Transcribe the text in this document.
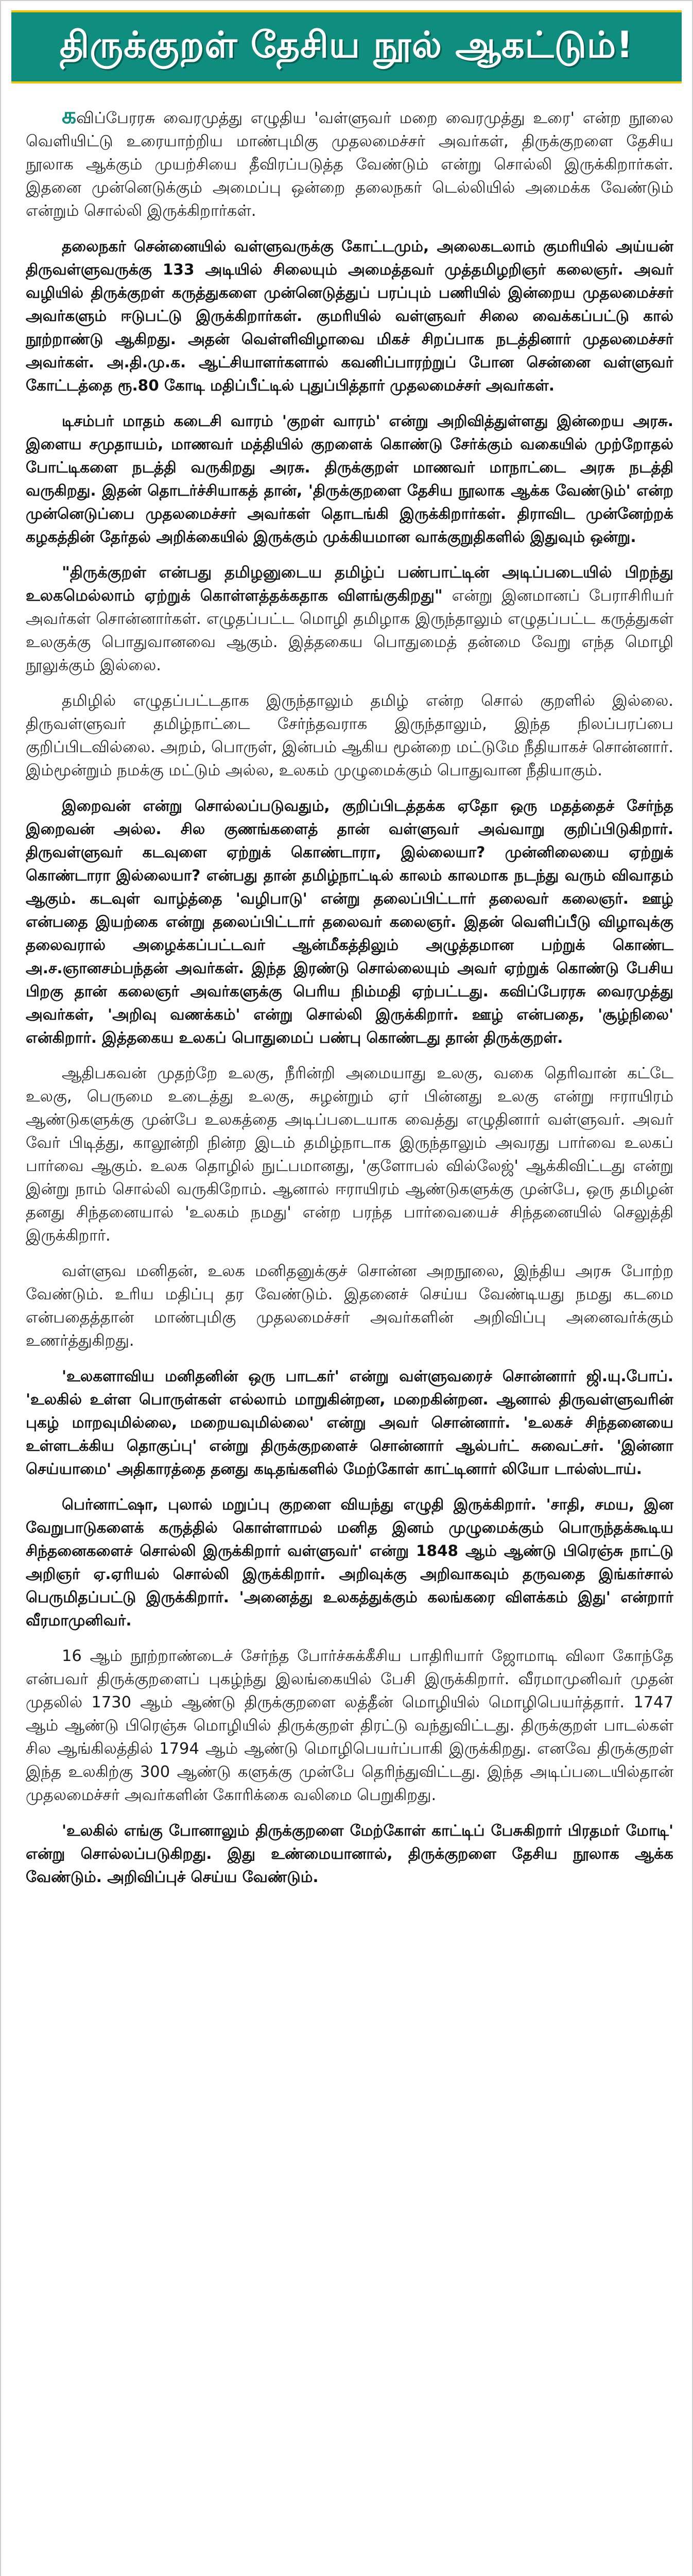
திருக்குறள் தேசிய நூல் ஆகட்டும்!

கவிப்பேரரசு வைரமுத்து எழுதிய 'வள்ளுவர் மறை வைரமுத்து உரை' என்ற நூலை வெளியிட்டு உரையாற்றிய மாண்புமிகு முதலமைச்சர் அவர்கள், திருக்குறளை தேசிய நூலாக ஆக்கும் முயற்சியை தீவிரப்படுத்த வேண்டும் என்று சொல்லி இருக்கிறார்கள். இதனை முன்னெடுக்கும் அமைப்பு ஒன்றை தலைநகர் டெல்லியில் அமைக்க வேண்டும் என்றும் சொல்லி இருக்கிறார்கள்.

தலைநகர் சென்னையில் வள்ளுவருக்கு கோட்டமும், அலைகடலாம் குமரியில் அய்யன் திருவள்ளுவருக்கு 133 அடியில் சிலையும் அமைத்தவர் முத்தமிழறிஞர் கலைஞர். அவர் வழியில் திருக்குறள் கருத்துகளை முன்னெடுத்துப் பரப்பும் பணியில் இன்றைய முதலமைச்சர் அவர்களும் ஈடுபட்டு இருக்கிறார்கள். குமரியில் வள்ளுவர் சிலை வைக்கப்பட்டு கால் நூற்றாண்டு ஆகிறது. அதன் வெள்ளிவிழாவை மிகச் சிறப்பாக நடத்தினார் முதலமைச்சர் அவர்கள். அ.தி.மு.க. ஆட்சியாளர்களால் கவனிப்பாரற்றுப் போன சென்னை வள்ளுவர் கோட்டத்தை ரூ.80 கோடி மதிப்பீட்டில் புதுப்பித்தார் முதலமைச்சர் அவர்கள்.

டிசம்பர் மாதம் கடைசி வாரம் 'குறள் வாரம்' என்று அறிவித்துள்ளது இன்றைய அரசு. இளைய சமுதாயம், மாணவர் மத்தியில் குறளைக் கொண்டு சேர்க்கும் வகையில் முற்றோதல் போட்டிகளை நடத்தி வருகிறது அரசு. திருக்குறள் மாணவர் மாநாட்டை அரசு நடத்தி வருகிறது. இதன் தொடர்ச்சியாகத் தான், 'திருக்குறளை தேசிய நூலாக ஆக்க வேண்டும்' என்ற முன்னெடுப்பை முதலமைச்சர் அவர்கள் தொடங்கி இருக்கிறார்கள். திராவிட முன்னேற்றக் கழகத்தின் தேர்தல் அறிக்கையில் இருக்கும் முக்கியமான வாக்குறுதிகளில் இதுவும் ஒன்று.

"திருக்குறள் என்பது தமிழனுடைய தமிழ்ப் பண்பாட்டின் அடிப்படையில் பிறந்து உலகமெல்லாம் ஏற்றுக் கொள்ளத்தக்கதாக விளங்குகிறது" என்று இனமானப் பேராசிரியர் அவர்கள் சொன்னார்கள். எழுதப்பட்ட மொழி தமிழாக இருந்தாலும் எழுதப்பட்ட கருத்துகள் உலகுக்கு பொதுவானவை ஆகும். இத்தகைய பொதுமைத் தன்மை வேறு எந்த மொழி நூலுக்கும் இல்லை.

தமிழில் எழுதப்பட்டதாக இருந்தாலும் தமிழ் என்ற சொல் குறளில் இல்லை. திருவள்ளுவர் தமிழ்நாட்டை சேர்ந்தவராக இருந்தாலும், இந்த நிலப்பரப்பை குறிப்பிடவில்லை. அறம், பொருள், இன்பம் ஆகிய மூன்றை மட்டுமே நீதியாகச் சொன்னார். இம்மூன்றும் நமக்கு மட்டும் அல்ல, உலகம் முழுமைக்கும் பொதுவான நீதியாகும்.

இறைவன் என்று சொல்லப்படுவதும், குறிப்பிடத்தக்க ஏதோ ஒரு மதத்தைச் சேர்ந்த இறைவன் அல்ல. சில குணங்களைத் தான் வள்ளுவர் அவ்வாறு குறிப்பிடுகிறார். திருவள்ளுவர் கடவுளை ஏற்றுக் கொண்டாரா, இல்லையா? முன்னிலையை ஏற்றுக் கொண்டாரா இல்லையா? என்பது தான் தமிழ்நாட்டில் காலம் காலமாக நடந்து வரும் விவாதம் ஆகும். கடவுள் வாழ்த்தை 'வழிபாடு' என்று தலைப்பிட்டார் தலைவர் கலைஞர். ஊழ் என்பதை இயற்கை என்று தலைப்பிட்டார் தலைவர் கலைஞர். இதன் வெளிப்பீடு விழாவுக்கு தலைவரால் அழைக்கப்பட்டவர் ஆன்மீகத்திலும் அழுத்தமான பற்றுக் கொண்ட அ.ச.ஞானசம்பந்தன் அவர்கள். இந்த இரண்டு சொல்லையும் அவர் ஏற்றுக் கொண்டு பேசிய பிறகு தான் கலைஞர் அவர்களுக்கு பெரிய நிம்மதி ஏற்பட்டது. கவிப்பேரரசு வைரமுத்து அவர்கள், 'அறிவு வணக்கம்' என்று சொல்லி இருக்கிறார். ஊழ் என்பதை, 'சூழ்நிலை' என்கிறார். இத்தகைய உலகப் பொதுமைப் பண்பு கொண்டது தான் திருக்குறள்.

ஆதிபகவன் முதற்றே உலகு, நீரின்றி அமையாது உலகு, வகை தெரிவான் கட்டே உலகு, பெருமை உடைத்து உலகு, சுழன்றும் ஏர் பின்னது உலகு என்று ஈராயிரம் ஆண்டுகளுக்கு முன்பே உலகத்தை அடிப்படையாக வைத்து எழுதினார் வள்ளுவர். அவர் வேர் பிடித்து, காலூன்றி நின்ற இடம் தமிழ்நாடாக இருந்தாலும் அவரது பார்வை உலகப் பார்வை ஆகும். உலக தொழில் நுட்பமானது, 'குளோபல் வில்லேஜ்' ஆக்கிவிட்டது என்று இன்று நாம் சொல்லி வருகிறோம். ஆனால் ஈராயிரம் ஆண்டுகளுக்கு முன்பே, ஒரு தமிழன் தனது சிந்தனையால் 'உலகம் நமது' என்ற பரந்த பார்வையைச் சிந்தனையில் செலுத்தி இருக்கிறார்.

வள்ளுவ மனிதன், உலக மனிதனுக்குச் சொன்ன அறநூலை, இந்திய அரசு போற்ற வேண்டும். உரிய மதிப்பு தர வேண்டும். இதனைச் செய்ய வேண்டியது நமது கடமை என்பதைத்தான் மாண்புமிகு முதலமைச்சர் அவர்களின் அறிவிப்பு அனைவர்க்கும் உணர்த்துகிறது.

'உலகளாவிய மனிதனின் ஒரு பாடகர்' என்று வள்ளுவரைச் சொன்னார் ஜி.யு.போப். 'உலகில் உள்ள பொருள்கள் எல்லாம் மாறுகின்றன, மறைகின்றன. ஆனால் திருவள்ளுவரின் புகழ் மாறவுமில்லை, மறையவுமில்லை' என்று அவர் சொன்னார். 'உலகச் சிந்தனையை உள்ளடக்கிய தொகுப்பு' என்று திருக்குறளைச் சொன்னார் ஆல்பர்ட் சுவைட்சர். 'இன்னா செய்யாமை' அதிகாரத்தை தனது கடிதங்களில் மேற்கோள் காட்டினார் லியோ டால்ஸ்டாய்.

பெர்னாட்ஷா, புலால் மறுப்பு குறளை வியந்து எழுதி இருக்கிறார். 'சாதி, சமய, இன வேறுபாடுகளைக் கருத்தில் கொள்ளாமல் மனித இனம் முழுமைக்கும் பொருந்தக்கூடிய சிந்தனைகளைச் சொல்லி இருக்கிறார் வள்ளுவர்' என்று 1848 ஆம் ஆண்டு பிரெஞ்சு நாட்டு அறிஞர் ஏ.ஏரியல் சொல்லி இருக்கிறார். அறிவுக்கு அறிவாகவும் தருவதை இங்கர்சால் பெருமிதப்பட்டு இருக்கிறார். 'அனைத்து உலகத்துக்கும் கலங்கரை விளக்கம் இது' என்றார் வீரமாமுனிவர்.

16 ஆம் நூற்றாண்டைச் சேர்ந்த போர்ச்சுக்கீசிய பாதிரியார் ஜோமாடி விலா கோந்தே என்பவர் திருக்குறளைப் புகழ்ந்து இலங்கையில் பேசி இருக்கிறார். வீரமாமுனிவர் முதன் முதலில் 1730 ஆம் ஆண்டு திருக்குறளை லத்தீன் மொழியில் மொழிபெயர்த்தார். 1747 ஆம் ஆண்டு பிரெஞ்சு மொழியில் திருக்குறள் திரட்டு வந்துவிட்டது. திருக்குறள் பாடல்கள் சில ஆங்கிலத்தில் 1794 ஆம் ஆண்டு மொழிபெயர்ப்பாகி இருக்கிறது. எனவே திருக்குறள் இந்த உலகிற்கு 300 ஆண்டு களுக்கு முன்பே தெரிந்துவிட்டது. இந்த அடிப்படையில்தான் முதலமைச்சர் அவர்களின் கோரிக்கை வலிமை பெறுகிறது.

'உலகில் எங்கு போனாலும் திருக்குறளை மேற்கோள் காட்டிப் பேசுகிறார் பிரதமர் மோடி' என்று சொல்லப்படுகிறது. இது உண்மையானால், திருக்குறளை தேசிய நூலாக ஆக்க வேண்டும். அறிவிப்புச் செய்ய வேண்டும்.
